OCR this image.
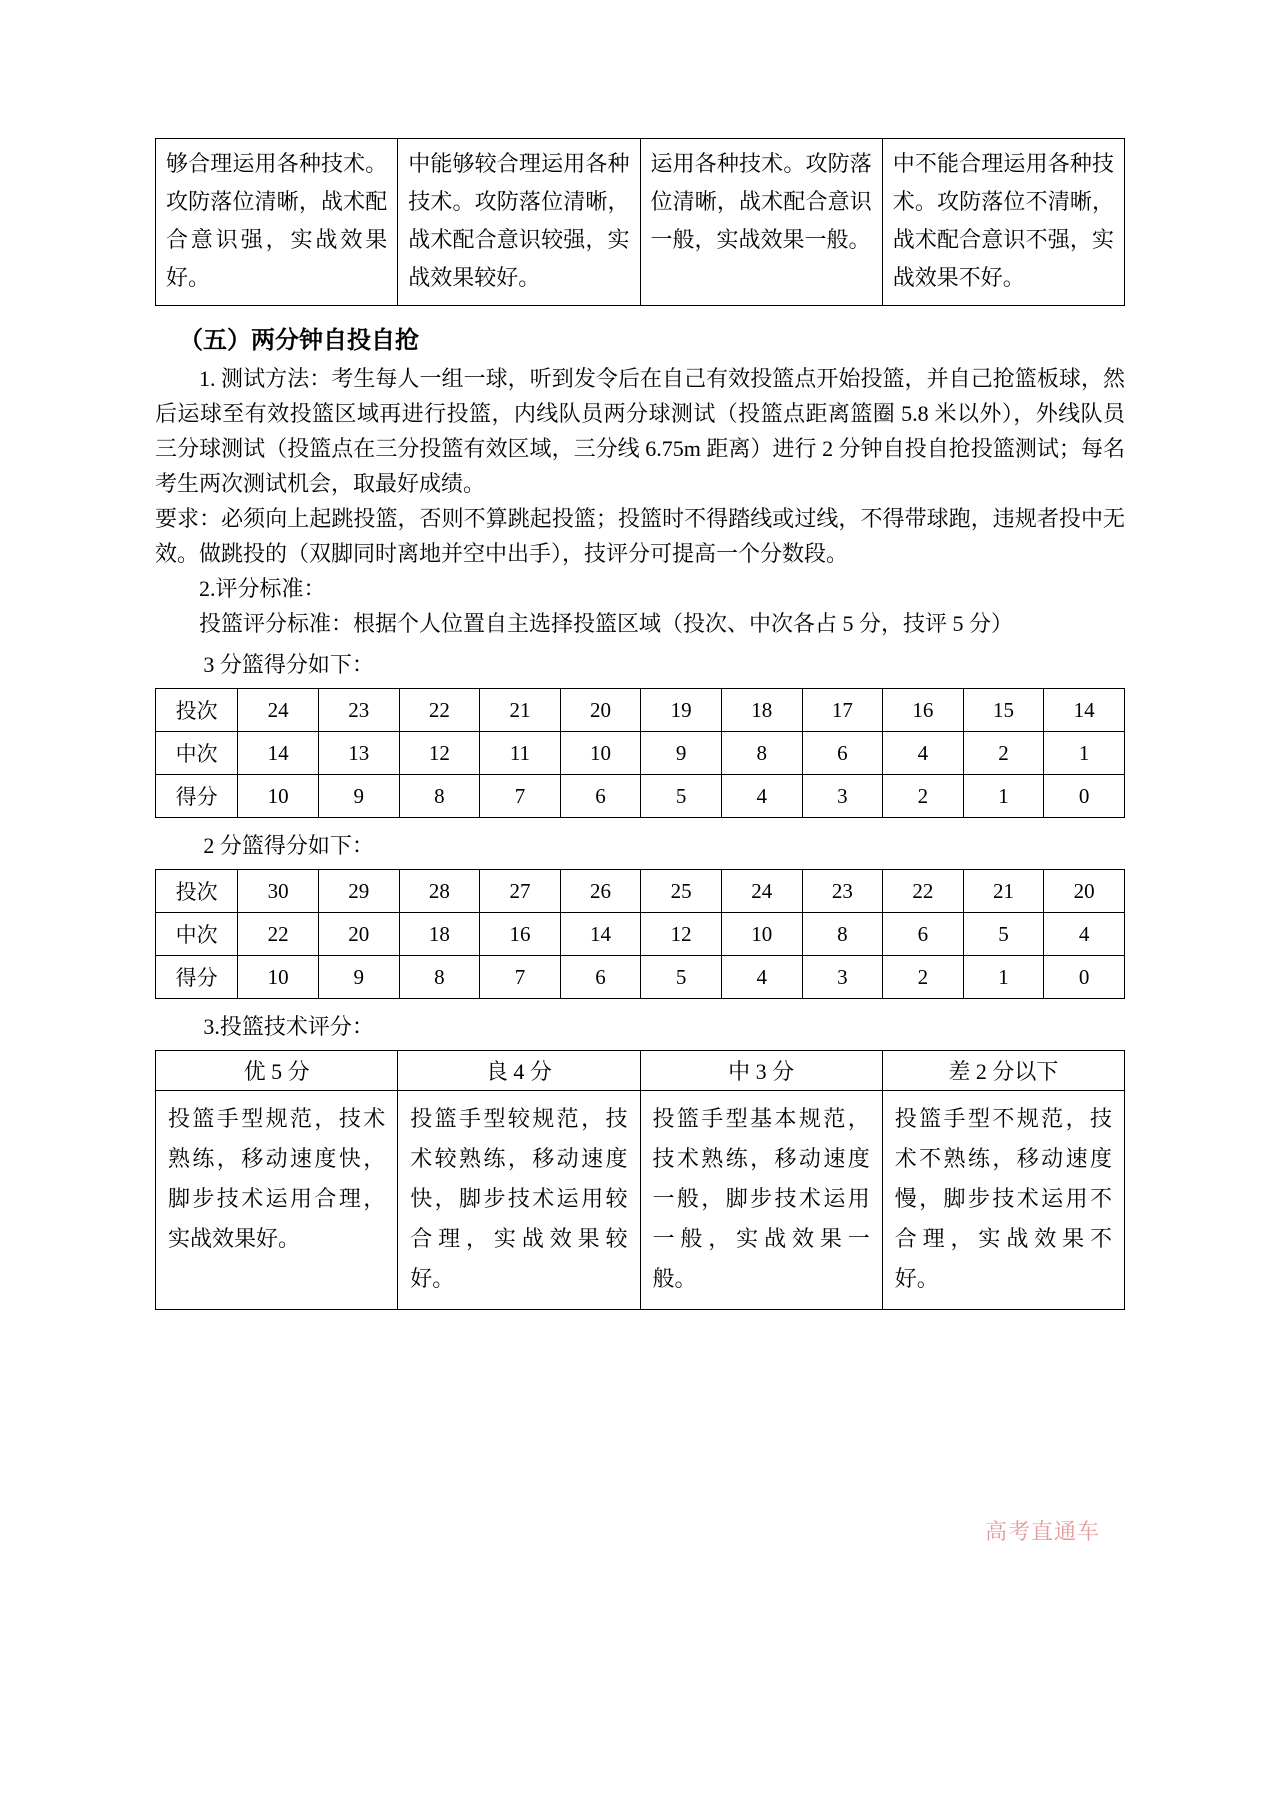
够合理运用各种技术。攻防落位清晰，战术配合意识强，实战效果好。	中能够较合理运用各种技术。攻防落位清晰，战术配合意识较强，实战效果较好。	运用各种技术。攻防落位清晰，战术配合意识一般，实战效果一般。	中不能合理运用各种技术。攻防落位不清晰，战术配合意识不强，实战效果不好。
（五）两分钟自投自抢

1. 测试方法：考生每人一组一球，听到发令后在自己有效投篮点开始投篮，并自己抢篮板球，然后运球至有效投篮区域再进行投篮，内线队员两分球测试（投篮点距离篮圈 5.8 米以外），外线队员三分球测试（投篮点在三分投篮有效区域，三分线 6.75m 距离）进行 2 分钟自投自抢投篮测试；每名考生两次测试机会，取最好成绩。

要求：必须向上起跳投篮，否则不算跳起投篮；投篮时不得踏线或过线，不得带球跑，违规者投中无效。做跳投的（双脚同时离地并空中出手），技评分可提高一个分数段。

2.评分标准：

投篮评分标准：根据个人位置自主选择投篮区域（投次、中次各占 5 分，技评 5 分）

3 分篮得分如下：

投次	24	23	22	21	20	19	18	17	16	15	14
中次	14	13	12	11	10	9	8	6	4	2	1
得分	10	9	8	7	6	5	4	3	2	1	0

2 分篮得分如下：

投次	30	29	28	27	26	25	24	23	22	21	20
中次	22	20	18	16	14	12	10	8	6	5	4
得分	10	9	8	7	6	5	4	3	2	1	0

3.投篮技术评分：

优 5 分	良 4 分	中 3 分	差 2 分以下
投篮手型规范，技术熟练，移动速度快，脚步技术运用合理，实战效果好。	投篮手型较规范，技术较熟练，移动速度快，脚步技术运用较合理，实战效果较好。	投篮手型基本规范，技术熟练，移动速度一般，脚步技术运用一般，实战效果一般。	投篮手型不规范，技术不熟练，移动速度慢，脚步技术运用不合理，实战效果不好。
高考直通车
